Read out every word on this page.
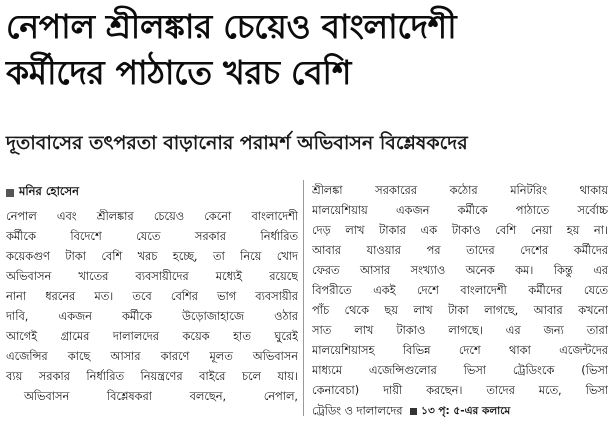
নেপাল শ্রীলঙ্কার চেয়েও বাংলাদেশী
কর্মীদের পাঠাতে খরচ বেশি
দূতাবাসের তৎপরতা বাড়ানোর পরামর্শ অভিবাসন বিশ্লেষকদের
মনির হোসেন
নেপাল এবং শ্রীলঙ্কার চেয়েও কেনো বাংলাদেশী
কর্মীকে বিদেশে যেতে সরকার নির্ধারিত
কয়েকগুণ টাকা বেশি খরচ হচ্ছে, তা নিয়ে খোদ
অভিবাসন খাতের ব্যবসায়ীদের মধ্যেই রয়েছে
নানা ধরনের মত। তবে বেশির ভাগ ব্যবসায়ীর
দাবি, একজন কর্মীকে উড়োজাহাজে ওঠার
আগেই গ্রামের দালালদের কয়েক হাত ঘুরেই
এজেন্সির কাছে আসার কারণে মূলত অভিবাসন
ব্যয় সরকার নির্ধারিত নিয়ন্ত্রণের বাইরে চলে যায়।
অভিবাসন বিশ্লেষকরা বলছেন, নেপাল,
শ্রীলঙ্কা সরকারের কঠোর মনিটরিং থাকায়
মালয়েশিয়ায় একজন কর্মীকে পাঠাতে সর্বোচ্চ
দেড় লাখ টাকার এক টাকাও বেশি নেয়া হয় না।
আবার যাওয়ার পর তাদের দেশের কর্মীদের
ফেরত আসার সংখ্যাও অনেক কম। কিন্তু এর
বিপরীতে একই দেশে বাংলাদেশী কর্মীদের যেতে
পাঁচ থেকে ছয় লাখ টাকা লাগছে, আবার কখনো
সাত লাখ টাকাও লাগছে। এর জন্য তারা
মালয়েশিয়াসহ বিভিন্ন দেশে থাকা এজেন্টদের
মাধ্যমে এজেন্সিগুলোর ভিসা ট্রেডিংকে (ভিসা
কেনাবেচা) দায়ী করছেন। তাদের মতে, ভিসা
ট্রেডিং ও দালালদের ১৩ পৃ: ৫-এর কলামে
